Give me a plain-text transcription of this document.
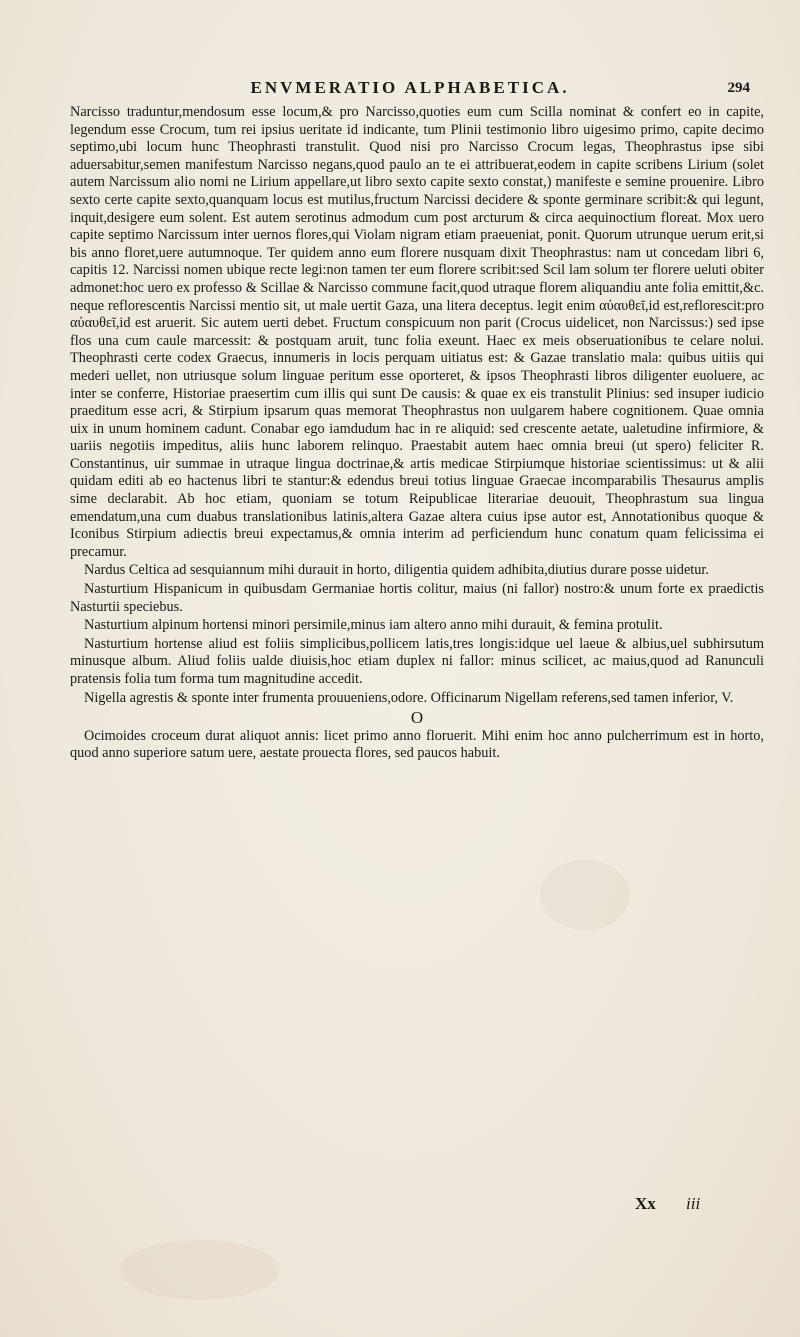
ENVMERATIO ALPHABETICA.	294

Narcisso traduntur,mendosum esse locum,& pro Narcisso,quoties eum cum Scilla nominat & confert eo in capite, legendum esse Crocum, tum rei ipsius ueritate id indicante, tum Plinii testimonio libro uigesimo primo, capite decimo septimo,ubi locum hunc Theophrasti transtulit. Quod nisi pro Narcisso Crocum legas, Theophrastus ipse sibi aduersabitur,semen manifestum Narcisso negans,quod paulo an te ei attribuerat,eodem in capite scribens Lirium (solet autem Narcissum alio nomi ne Lirium appellare,ut libro sexto capite sexto constat,) manifeste e semine prouenire. Libro sexto certe capite sexto,quanquam locus est mutilus,fructum Narcissi decidere & sponte germinare scribit:& qui legunt, inquit,desigere eum solent. Est autem serotinus admodum cum post arcturum & circa aequinoctium floreat. Mox uero capite septimo Narcissum inter uernos flores,qui Violam nigram etiam praeueniat, ponit. Quorum utrunque uerum erit,si bis anno floret,uere autumnoque. Ter quidem anno eum florere nusquam dixit Theophrastus: nam ut concedam libri 6, capitis 12. Narcissi nomen ubique recte legi:non tamen ter eum florere scribit:sed Scil lam solum ter florere ueluti obiter admonet:hoc uero ex professo & Scillae & Narcisso commune facit,quod utraque florem aliquandiu ante folia emittit,&c. neque reflorescentis Narcissi mentio sit, ut male uertit Gaza, una litera deceptus. legit enim αὐαυθεῖ,id est,reflorescit:pro αὐαυθεῖ,id est aruerit. Sic autem uerti debet. Fructum conspicuum non parit (Crocus uidelicet, non Narcissus:) sed ipse flos una cum caule marcessit: & postquam aruit, tunc folia exeunt. Haec ex meis obseruationibus te celare nolui. Theophrasti certe codex Graecus, innumeris in locis perquam uitiatus est: & Gazae translatio mala: quibus uitiis qui mederi uellet, non utriusque solum linguae peritum esse oporteret, & ipsos Theophrasti libros diligenter euoluere, ac inter se conferre, Historiae praesertim cum illis qui sunt De causis: & quae ex eis transtulit Plinius: sed insuper iudicio praeditum esse acri, & Stirpium ipsarum quas memorat Theophrastus non uulgarem habere cognitionem. Quae omnia uix in unum hominem cadunt. Conabar ego iamdudum hac in re aliquid: sed crescente aetate, ualetudine infirmiore, & uariis negotiis impeditus, aliis hunc laborem relinquo. Praestabit autem haec omnia breui (ut spero) feliciter R. Constantinus, uir summae in utraque lingua doctrinae,& artis medicae Stirpiumque historiae scientissimus: ut & alii quidam editi ab eo hactenus libri te stantur:& edendus breui totius linguae Graecae incomparabilis Thesaurus amplis sime declarabit. Ab hoc etiam, quoniam se totum Reipublicae literariae deuouit, Theophrastum sua lingua emendatum,una cum duabus translationibus latinis,altera Gazae altera cuius ipse autor est, Annotationibus quoque & Iconibus Stirpium adiectis breui expectamus,& omnia interim ad perficiendum hunc conatum quam felicissima ei precamur.

Nardus Celtica ad sesquiannum mihi durauit in horto, diligentia quidem adhibita,diutius durare posse uidetur.

Nasturtium Hispanicum in quibusdam Germaniae hortis colitur, maius (ni fallor) nostro:& unum forte ex praedictis Nasturtii speciebus.

Nasturtium alpinum hortensi minori persimile,minus iam altero anno mihi durauit, & femina protulit.

Nasturtium hortense aliud est foliis simplicibus,pollicem latis,tres longis:idque uel laeue & albius,uel subhirsutum minusque album. Aliud foliis ualde diuisis,hoc etiam duplex ni fallor: minus scilicet, ac maius,quod ad Ranunculi pratensis folia tum forma tum magnitudine accedit.

Nigella agrestis & sponte inter frumenta prouueniens,odore. Officinarum Nigellam referens,sed tamen inferior, V.

O

Ocimoides croceum durat aliquot annis: licet primo anno floruerit. Mihi enim hoc anno pulcherrimum est in horto, quod anno superiore satum uere, aestate prouecta flores, sed paucos habuit.

Xx iii
